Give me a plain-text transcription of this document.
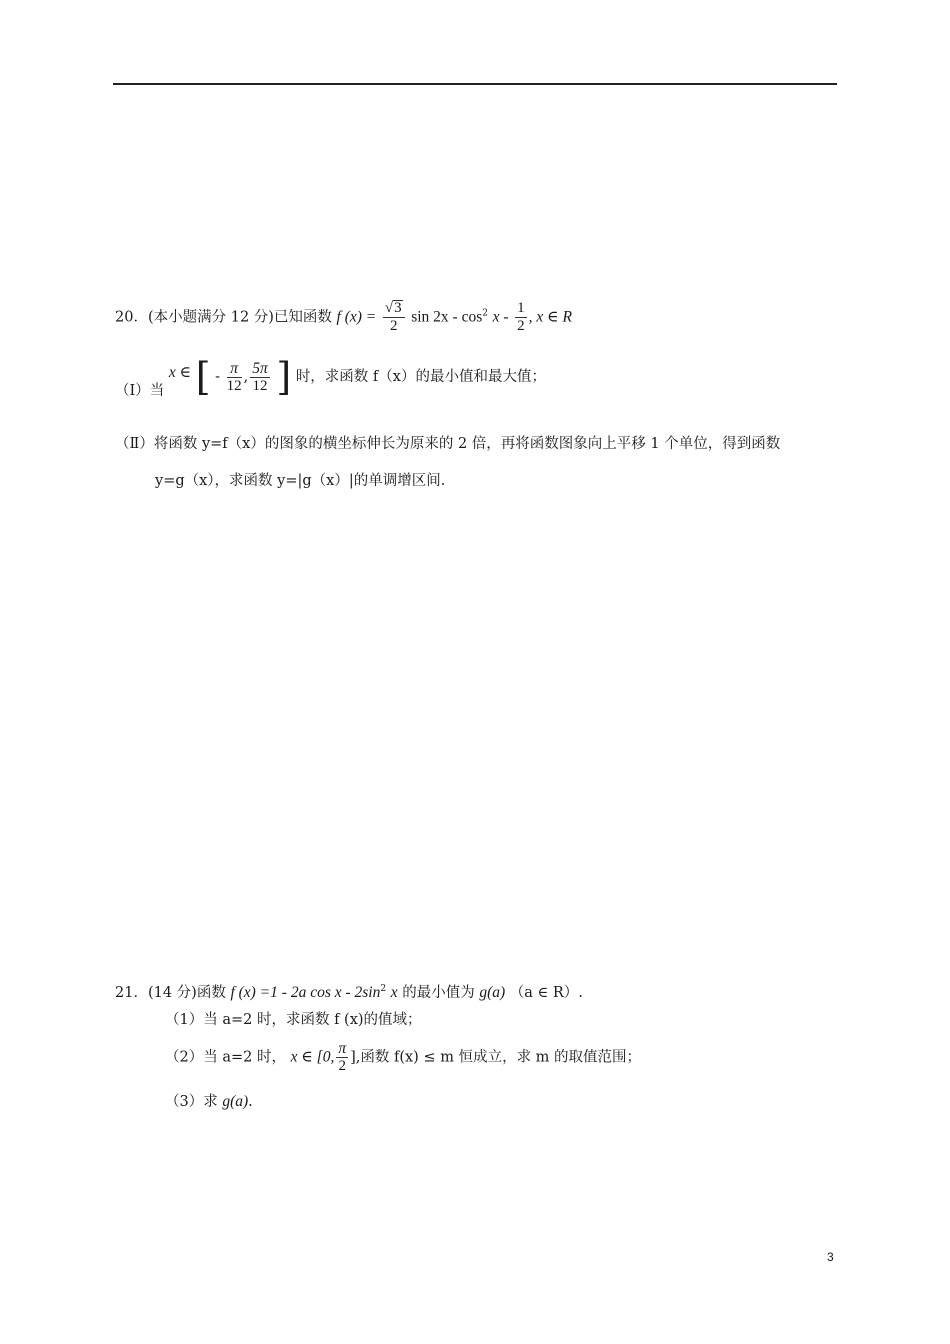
20．(本小题满分 12 分)已知函数 f $(x) = \frac{√3}{2}$ $\sin 2x - \cos^2 x - \frac{1}{2}$ , x ∈ R
（Ⅰ）当 x ∈ [ - $\frac{\pi}{12}$ , $\frac{5\pi}{12}$ ] 时，求函数 f（x）的最小值和最大值；
（Ⅱ）将函数 y=f（x）的图象的横坐标伸长为原来的 2 倍，再将函数图象向上平移 1 个单位，得到函数
y=g（x），求函数 y=|g（x）|的单调增区间.
21．(14 分)函数 f (x) =1 - 2a cos x - $2\sin^2$ x 的最小值为 g(a) （a ∈ R）.
（1）当 a=2 时，求函数 f (x)的值域；
（2）当 a=2 时， x ∈ [0, $\frac{\pi}{2}$ ],函数 f(x) ≤ m 恒成立，求 m 的取值范围；
（3）求 g(a).
3
